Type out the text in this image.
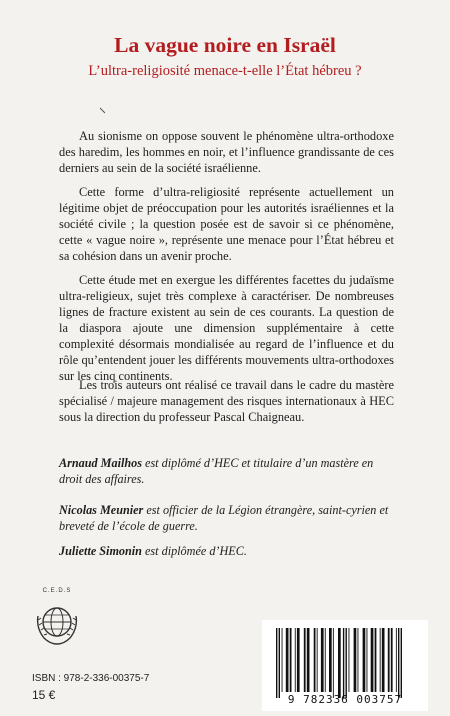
La vague noire en Israël
L’ultra-religiosité menace-t-elle l’État hébreu ?

Au sionisme on oppose souvent le phénomène ultra-orthodoxe des haredim, les hommes en noir, et l’influence grandissante de ces derniers au sein de la société israélienne.

Cette forme d’ultra-religiosité représente actuellement un légitime objet de préoccupation pour les autorités israéliennes et la société civile ; la question posée est de savoir si ce phénomène, cette « vague noire », représente une menace pour l’État hébreu et sa cohésion dans un avenir proche.

Cette étude met en exergue les différentes facettes du judaïsme ultra-religieux, sujet très complexe à caractériser. De nombreuses lignes de fracture existent au sein de ces courants. La question de la diaspora ajoute une dimension supplémentaire à cette complexité désormais mondialisée au regard de l’influence et du rôle qu’entendent jouer les différents mouvements ultra-orthodoxes sur les cinq continents.

Les trois auteurs ont réalisé ce travail dans le cadre du mastère spécialisé / majeure management des risques internationaux à HEC sous la direction du professeur Pascal Chaigneau.

Arnaud Mailhos est diplômé d’HEC et titulaire d’un mastère en droit des affaires.

Nicolas Meunier est officier de la Légion étrangère, saint-cyrien et breveté de l’école de guerre.

Juliette Simonin est diplômée d’HEC.

C.E.D.S
ISBN : 978-2-336-00375-7
15 €	9 782336 003757
